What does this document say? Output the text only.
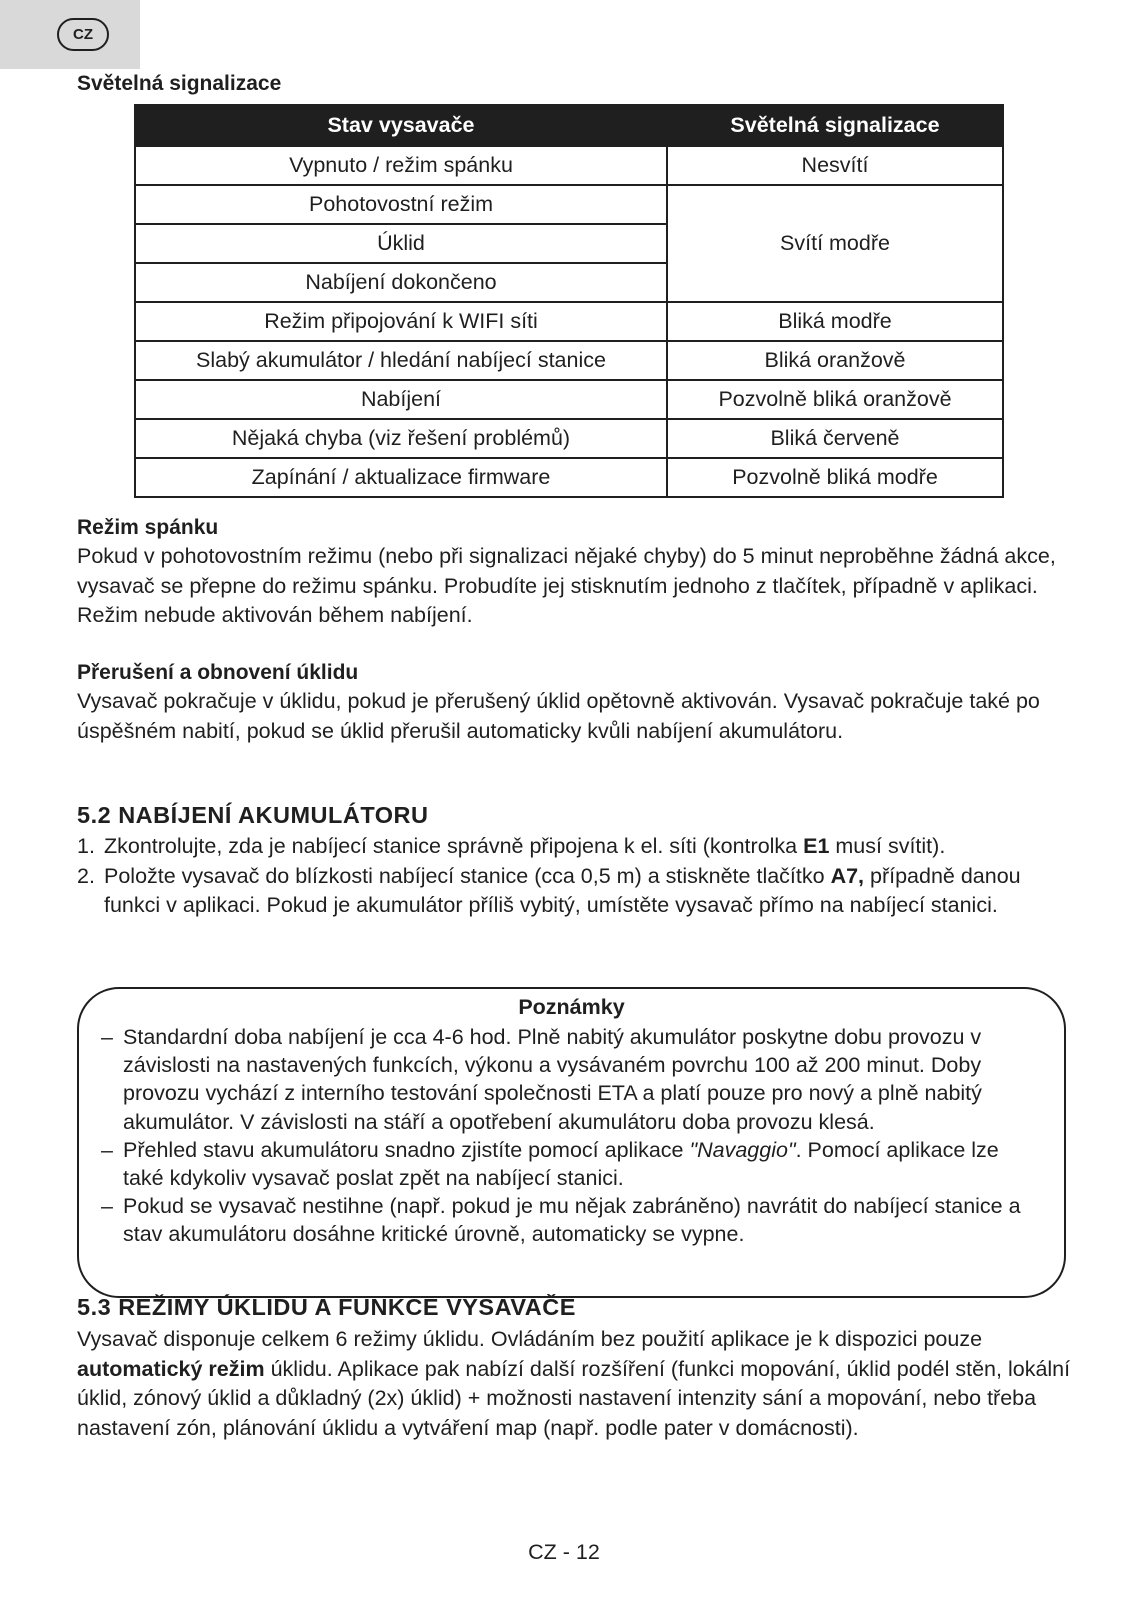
CZ
Světelná signalizace
Stav vysavače	Světelná signalizace
Vypnuto / režim spánku	Nesvítí
Pohotovostní režim	Svítí modře
Úklid	
Nabíjení dokončeno	
Režim připojování k WIFI síti	Bliká modře
Slabý akumulátor / hledání nabíjecí stanice	Bliká oranžově
Nabíjení	Pozvolně bliká oranžově
Nějaká chyba (viz řešení problémů)	Bliká červeně
Zapínání / aktualizace firmware	Pozvolně bliká modře
Režim spánku

Pokud v pohotovostním režimu (nebo při signalizaci nějaké chyby) do 5 minut neproběhne žádná akce, vysavač se přepne do režimu spánku. Probudíte jej stisknutím jednoho z tlačítek, případně v aplikaci. Režim nebude aktivován během nabíjení.

Přerušení a obnovení úklidu

Vysavač pokračuje v úklidu, pokud je přerušený úklid opětovně aktivován. Vysavač pokračuje také po úspěšném nabití, pokud se úklid přerušil automaticky kvůli nabíjení akumulátoru.

5.2 NABÍJENÍ AKUMULÁTORU
1. Zkontrolujte, zda je nabíjecí stanice správně připojena k el. síti (kontrolka E1 musí svítit).
2. Položte vysavač do blízkosti nabíjecí stanice (cca 0,5 m) a stiskněte tlačítko A7, případně danou funkci v aplikaci. Pokud je akumulátor příliš vybitý, umístěte vysavač přímo na nabíjecí stanici.
Poznámky
– Standardní doba nabíjení je cca 4-6 hod. Plně nabitý akumulátor poskytne dobu provozu v závislosti na nastavených funkcích, výkonu a vysávaném povrchu 100 až 200 minut. Doby provozu vychází z interního testování společnosti ETA a platí pouze pro nový a plně nabitý akumulátor. V závislosti na stáří a opotřebení akumulátoru doba provozu klesá.
– Přehled stavu akumulátoru snadno zjistíte pomocí aplikace "Navaggio". Pomocí aplikace lze také kdykoliv vysavač poslat zpět na nabíjecí stanici.
– Pokud se vysavač nestihne (např. pokud je mu nějak zabráněno) navrátit do nabíjecí stanice a stav akumulátoru dosáhne kritické úrovně, automaticky se vypne.
5.3 REŽIMY ÚKLIDU A FUNKCE VYSAVAČE

Vysavač disponuje celkem 6 režimy úklidu. Ovládáním bez použití aplikace je k dispozici pouze automatický režim úklidu. Aplikace pak nabízí další rozšíření (funkci mopování, úklid podél stěn, lokální úklid, zónový úklid a důkladný (2x) úklid) + možnosti nastavení intenzity sání a mopování, nebo třeba nastavení zón, plánování úklidu a vytváření map (např. podle pater v domácnosti).

CZ - 12
